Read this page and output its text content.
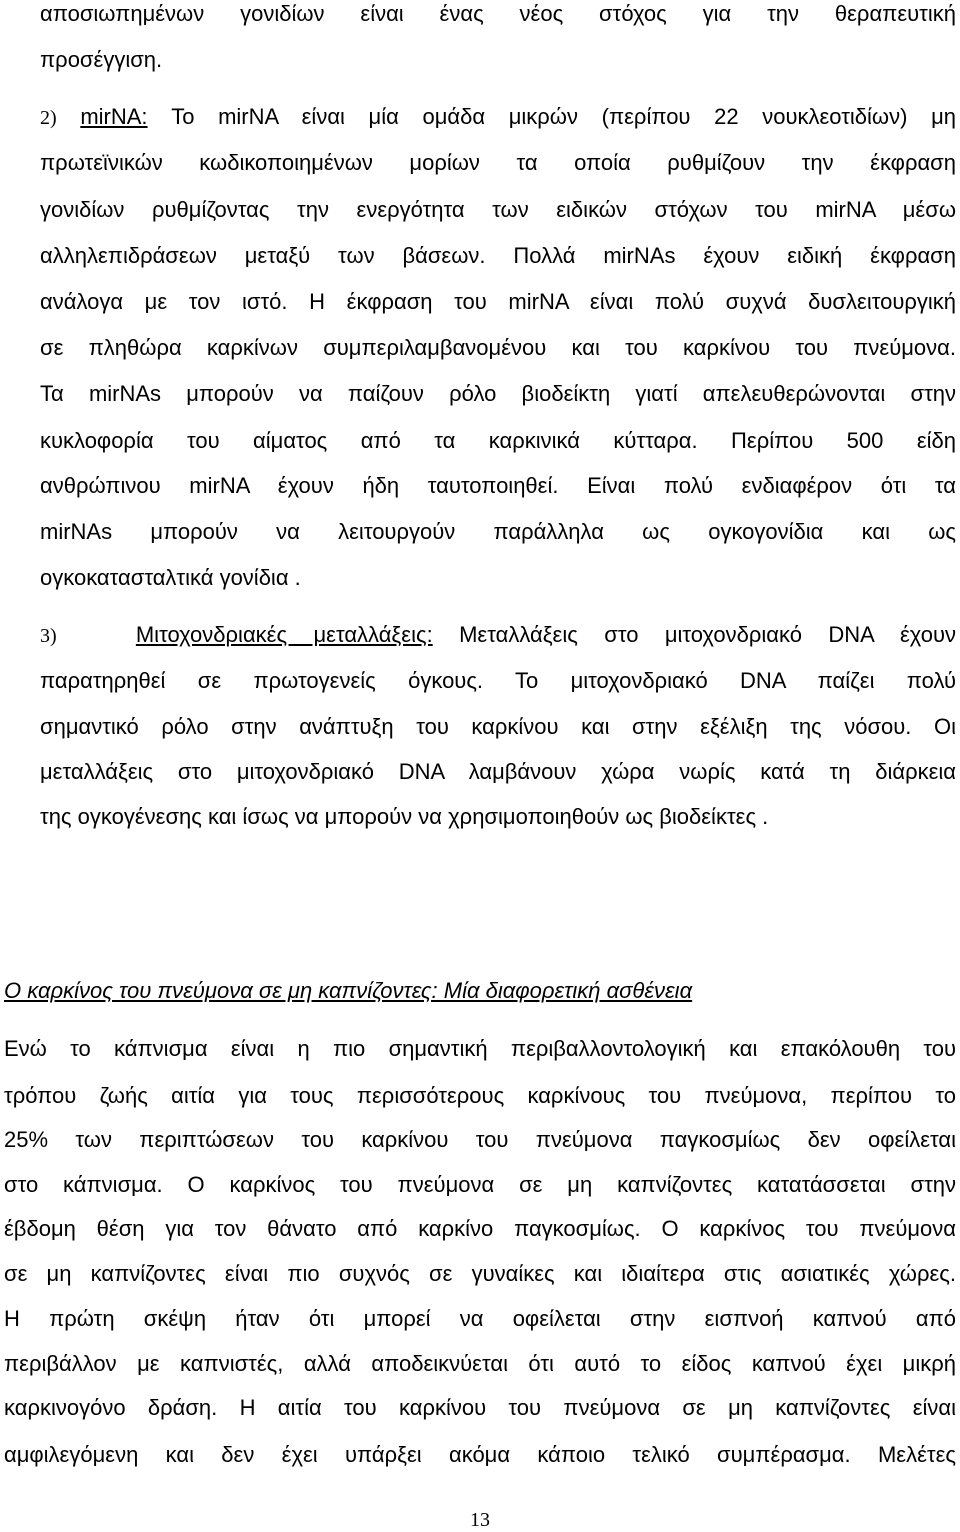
αποσιωπημένων γονιδίων είναι ένας νέος στόχος για την θεραπευτική
προσέγγιση.
2) mirNA: Το mirNA είναι μία ομάδα μικρών (περίπου 22 νουκλεοτιδίων) μη
πρωτεϊνικών κωδικοποιημένων μορίων τα οποία ρυθμίζουν την έκφραση
γονιδίων ρυθμίζοντας την ενεργότητα των ειδικών στόχων του mirNA μέσω
αλληλεπιδράσεων μεταξύ των βάσεων. Πολλά mirNAs έχουν ειδική έκφραση
ανάλογα με τον ιστό. Η έκφραση του mirNA είναι πολύ συχνά δυσλειτουργική
σε πληθώρα καρκίνων συμπεριλαμβανομένου και του καρκίνου του πνεύμονα.
Τα mirNAs μπορούν να παίζουν ρόλο βιοδείκτη γιατί απελευθερώνονται στην
κυκλοφορία του αίματος από τα καρκινικά κύτταρα. Περίπου 500 είδη
ανθρώπινου mirNA έχουν ήδη ταυτοποιηθεί. Είναι πολύ ενδιαφέρον ότι τα
mirNAs μπορούν να λειτουργούν παράλληλα ως ογκογονίδια και ως
ογκοκατασταλτικά γονίδια .
3)	Μιτοχονδριακές μεταλλάξεις: Μεταλλάξεις στο μιτοχονδριακό DNA έχουν
παρατηρηθεί σε πρωτογενείς όγκους. Το μιτοχονδριακό DNA παίζει πολύ
σημαντικό ρόλο στην ανάπτυξη του καρκίνου και στην εξέλιξη της νόσου. Οι
μεταλλάξεις στο μιτοχονδριακό DNA λαμβάνουν χώρα νωρίς κατά τη διάρκεια
της ογκογένεσης και ίσως να μπορούν να χρησιμοποιηθούν ως βιοδείκτες .
Ο καρκίνος του πνεύμονα σε μη καπνίζοντες: Μία διαφορετική ασθένεια
Ενώ το κάπνισμα είναι η πιο σημαντική περιβαλλοντολογική και επακόλουθη του
τρόπου ζωής αιτία για τους περισσότερους καρκίνους του πνεύμονα, περίπου το
25% των περιπτώσεων του καρκίνου του πνεύμονα παγκοσμίως δεν οφείλεται
στο κάπνισμα. Ο καρκίνος του πνεύμονα σε μη καπνίζοντες κατατάσσεται στην
έβδομη θέση για τον θάνατο από καρκίνο παγκοσμίως. Ο καρκίνος του πνεύμονα
σε μη καπνίζοντες είναι πιο συχνός σε γυναίκες και ιδιαίτερα στις ασιατικές χώρες.
Η πρώτη σκέψη ήταν ότι μπορεί να οφείλεται στην εισπνοή καπνού από
περιβάλλον με καπνιστές, αλλά αποδεικνύεται ότι αυτό το είδος καπνού έχει μικρή
καρκινογόνο δράση. Η αιτία του καρκίνου του πνεύμονα σε μη καπνίζοντες είναι
αμφιλεγόμενη και δεν έχει υπάρξει ακόμα κάποιο τελικό συμπέρασμα. Μελέτες
13
